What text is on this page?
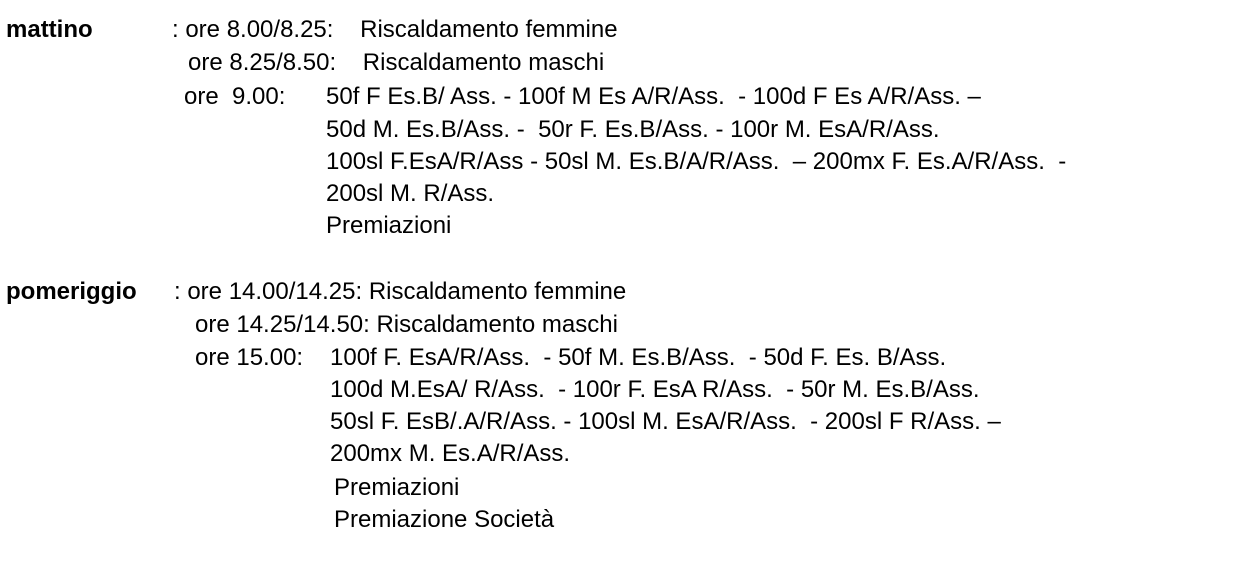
mattino	: ore 8.00/8.25:    Riscaldamento femmine
ore 8.25/8.50:    Riscaldamento maschi
ore  9.00: 50f F Es.B/ Ass. - 100f M Es A/R/Ass.  - 100d F Es A/R/Ass. –
50d M. Es.B/Ass. -  50r F. Es.B/Ass. - 100r M. EsA/R/Ass.
100sl F.EsA/R/Ass - 50sl M. Es.B/A/R/Ass.  – 200mx F. Es.A/R/Ass.  -
200sl M. R/Ass.
Premiazioni
pomeriggio : ore 14.00/14.25: Riscaldamento femmine
ore 14.25/14.50: Riscaldamento maschi
ore 15.00: 100f F. EsA/R/Ass.  - 50f M. Es.B/Ass.  - 50d F. Es. B/Ass.
100d M.EsA/ R/Ass.  - 100r F. EsA R/Ass.  - 50r M. Es.B/Ass.
50sl F. EsB/.A/R/Ass. - 100sl M. EsA/R/Ass.  - 200sl F R/Ass. –
200mx M. Es.A/R/Ass.
Premiazioni
Premiazione Società
